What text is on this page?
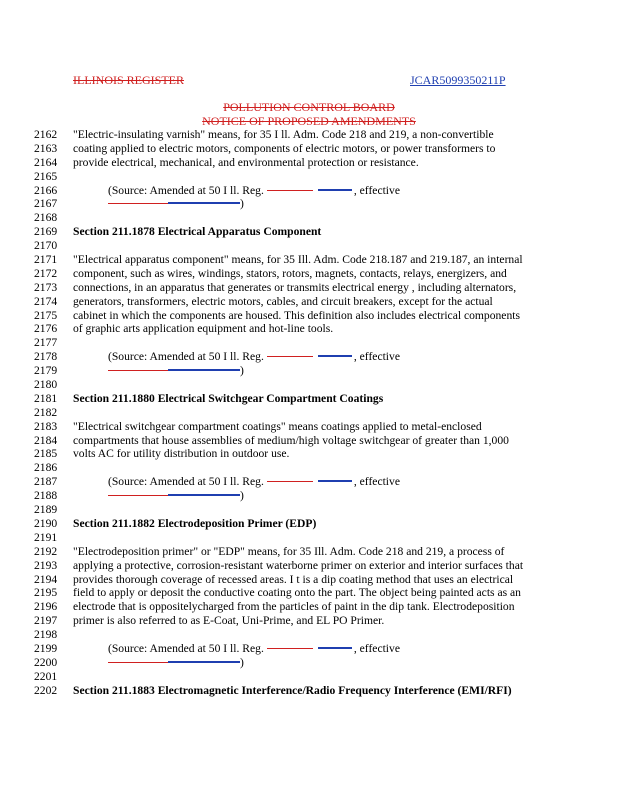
ILLINOIS REGISTER	JCAR5099350211P
POLLUTION CONTROL BOARD
NOTICE OF PROPOSED AMENDMENTS
2162 "Electric-insulating varnish" means, for 35 I ll. Adm. Code 218 and 219, a non-convertible
2163 coating applied to electric motors, components of electric motors, or power transformers to
2164 provide electrical, mechanical, and environmental protection or resistance.
2165
2166	(Source: Amended at 50 I ll. Reg.	, effective
2167	)
2168
2169 Section 211.1878 Electrical Apparatus Component
2170
2171 "Electrical apparatus component" means, for 35 Ill. Adm. Code 218.187 and 219.187, an internal
2172 component, such as wires, windings, stators, rotors, magnets, contacts, relays, energizers, and
2173 connections, in an apparatus that generates or transmits electrical energy , including alternators,
2174 generators, transformers, electric motors, cables, and circuit breakers, except for the actual
2175 cabinet in which the components are housed. This definition also includes electrical components
2176 of graphic arts application equipment and hot-line tools.
2177
2178	(Source: Amended at 50 I ll. Reg.	, effective
2179	)
2180
2181 Section 211.1880 Electrical Switchgear Compartment Coatings
2182
2183 "Electrical switchgear compartment coatings" means coatings applied to metal-enclosed
2184 compartments that house assemblies of medium/high voltage switchgear of greater than 1,000
2185 volts AC for utility distribution in outdoor use.
2186
2187	(Source: Amended at 50 I ll. Reg.	, effective
2188	)
2189
2190 Section 211.1882 Electrodeposition Primer (EDP)
2191
2192 "Electrodeposition primer" or "EDP" means, for 35 Ill. Adm. Code 218 and 219, a process of
2193 applying a protective, corrosion-resistant waterborne primer on exterior and interior surfaces that
2194 provides thorough coverage of recessed areas. I t is a dip coating method that uses an electrical
2195 field to apply or deposit the conductive coating onto the part. The object being painted acts as an
2196 electrode that is oppositelycharged from the particles of paint in the dip tank. Electrodeposition
2197 primer is also referred to as E-Coat, Uni-Prime, and EL PO Primer.
2198
2199	(Source: Amended at 50 I ll. Reg.	, effective
2200	)
2201
2202 Section 211.1883 Electromagnetic Interference/Radio Frequency Interference (EMI/RFI)
